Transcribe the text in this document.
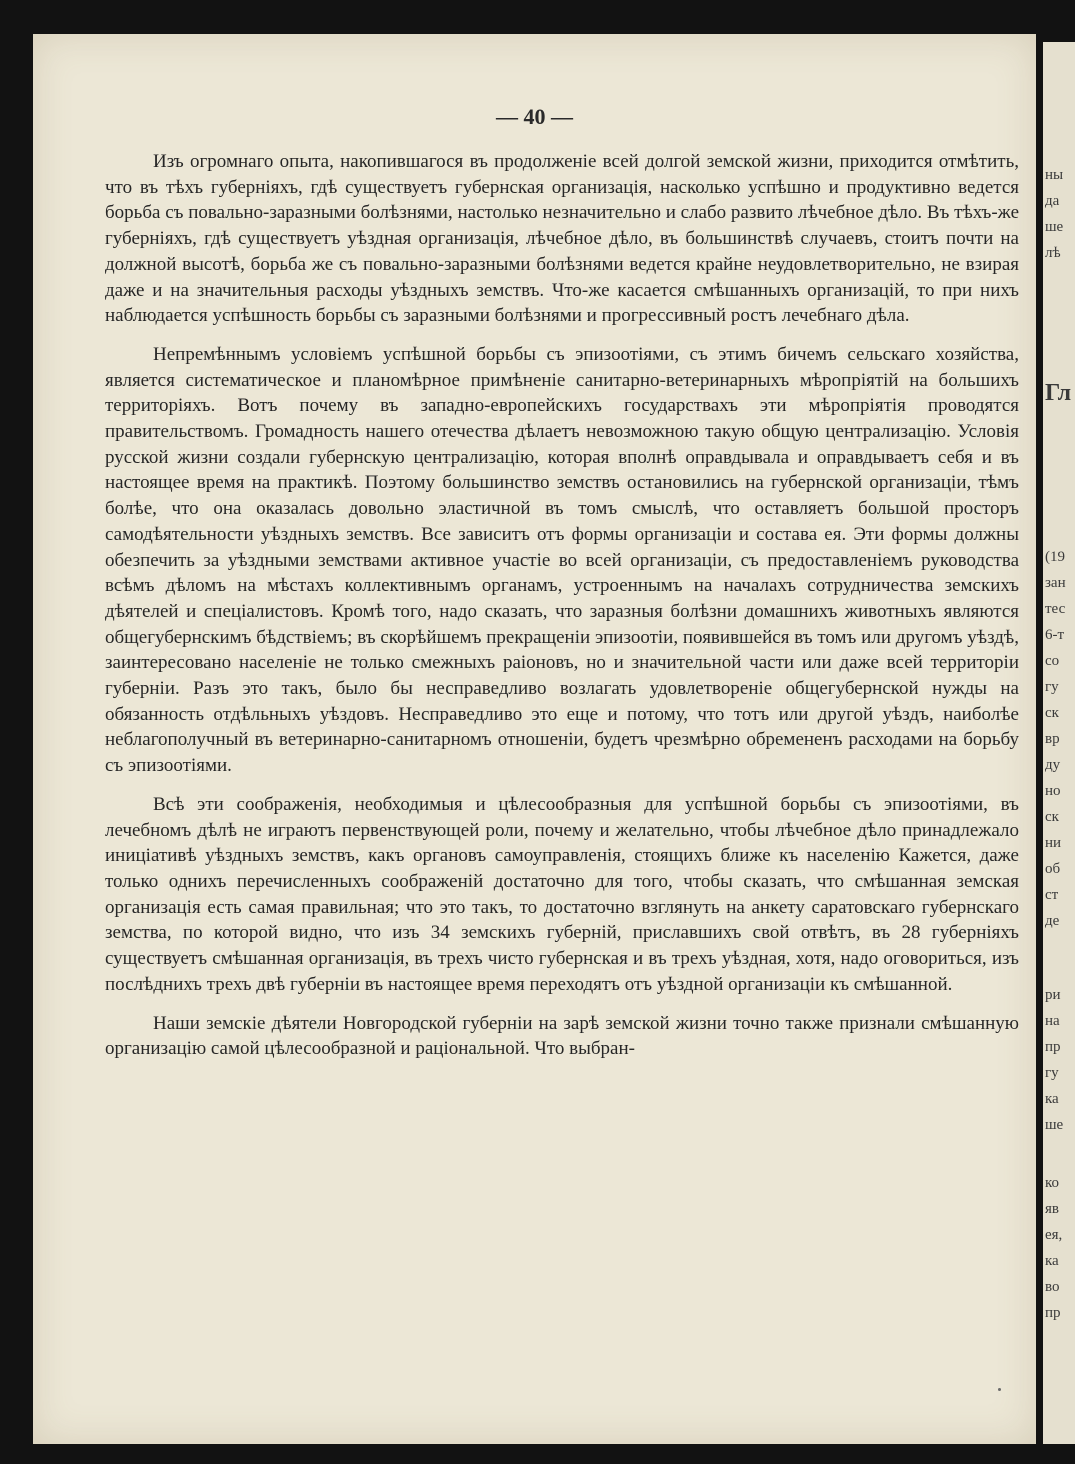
— 40 —

Изъ огромнаго опыта, накопившагося въ продолженіе всей долгой земской жизни, приходится отмѣтить, что въ тѣхъ губерніяхъ, гдѣ существуетъ губернская организація, насколько успѣшно и продуктивно ведется борьба съ повально-заразными болѣзнями, настолько незначительно и слабо развито лѣчебное дѣло. Въ тѣхъ-же губерніяхъ, гдѣ существуетъ уѣздная организація, лѣчебное дѣло, въ большинствѣ случаевъ, стоитъ почти на должной высотѣ, борьба же съ повально-заразными болѣзнями ведется крайне неудовлетворительно, не взирая даже и на значительныя расходы уѣздныхъ земствъ. Что-же касается смѣшанныхъ организацій, то при нихъ наблюдается успѣшность борьбы съ заразными болѣзнями и прогрессивный ростъ лечебнаго дѣла.

Непремѣннымъ условіемъ успѣшной борьбы съ эпизоотіями, съ этимъ бичемъ сельскаго хозяйства, является систематическое и планомѣрное примѣненіе санитарно-ветеринарныхъ мѣропріятій на большихъ территоріяхъ. Вотъ почему въ западно-европейскихъ государствахъ эти мѣропріятія проводятся правительствомъ. Громадность нашего отечества дѣлаетъ невозможною такую общую централизацію. Условія русской жизни создали губернскую централизацію, которая вполнѣ оправдывала и оправдываетъ себя и въ настоящее время на практикѣ. Поэтому большинство земствъ остановились на губернской организаціи, тѣмъ болѣе, что она оказалась довольно эластичной въ томъ смыслѣ, что оставляетъ большой просторъ самодѣятельности уѣздныхъ земствъ. Все зависитъ отъ формы организаціи и состава ея. Эти формы должны обезпечить за уѣздными земствами активное участіе во всей организаціи, съ предоставленіемъ руководства всѣмъ дѣломъ на мѣстахъ коллективнымъ органамъ, устроеннымъ на началахъ сотрудничества земскихъ дѣятелей и спеціалистовъ. Кромѣ того, надо сказать, что заразныя болѣзни домашнихъ животныхъ являются общегубернскимъ бѣдствіемъ; въ скорѣйшемъ прекращеніи эпизоотіи, появившейся въ томъ или другомъ уѣздѣ, заинтересовано населеніе не только смежныхъ раіоновъ, но и значительной части или даже всей территоріи губерніи. Разъ это такъ, было бы несправедливо возлагать удовлетвореніе общегубернской нужды на обязанность отдѣльныхъ уѣздовъ. Несправедливо это еще и потому, что тотъ или другой уѣздъ, наиболѣе неблагополучный въ ветеринарно-санитарномъ отношеніи, будетъ чрезмѣрно обремененъ расходами на борьбу съ эпизоотіями.

Всѣ эти соображенія, необходимыя и цѣлесообразныя для успѣшной борьбы съ эпизоотіями, въ лечебномъ дѣлѣ не играютъ первенствующей роли, почему и желательно, чтобы лѣчебное дѣло принадлежало иниціативѣ уѣздныхъ земствъ, какъ органовъ самоуправленія, стоящихъ ближе къ населенію Кажется, даже только однихъ перечисленныхъ соображеній достаточно для того, чтобы сказать, что смѣшанная земская организація есть самая правильная; что это такъ, то достаточно взглянуть на анкету саратовскаго губернскаго земства, по которой видно, что изъ 34 земскихъ губерній, приславшихъ свой отвѣтъ, въ 28 губерніяхъ существуетъ смѣшанная организація, въ трехъ чисто губернская и въ трехъ уѣздная, хотя, надо оговориться, изъ послѣднихъ трехъ двѣ губерніи въ настоящее время переходятъ отъ уѣздной организаціи къ смѣшанной.

Наши земскіе дѣятели Новгородской губерніи на зарѣ земской жизни точно также признали смѣшанную организацію самой цѣлесообразной и раціональной. Что выбран-

ны
да
ше
лѣ
Гл
(19
зан
тес
6-т
со
гу
ск
вр
ду
но
ск
ни
об
ст
де
ри
на
пр
гу
ка
ше
ко
яв
ея,
ка
во
пр
